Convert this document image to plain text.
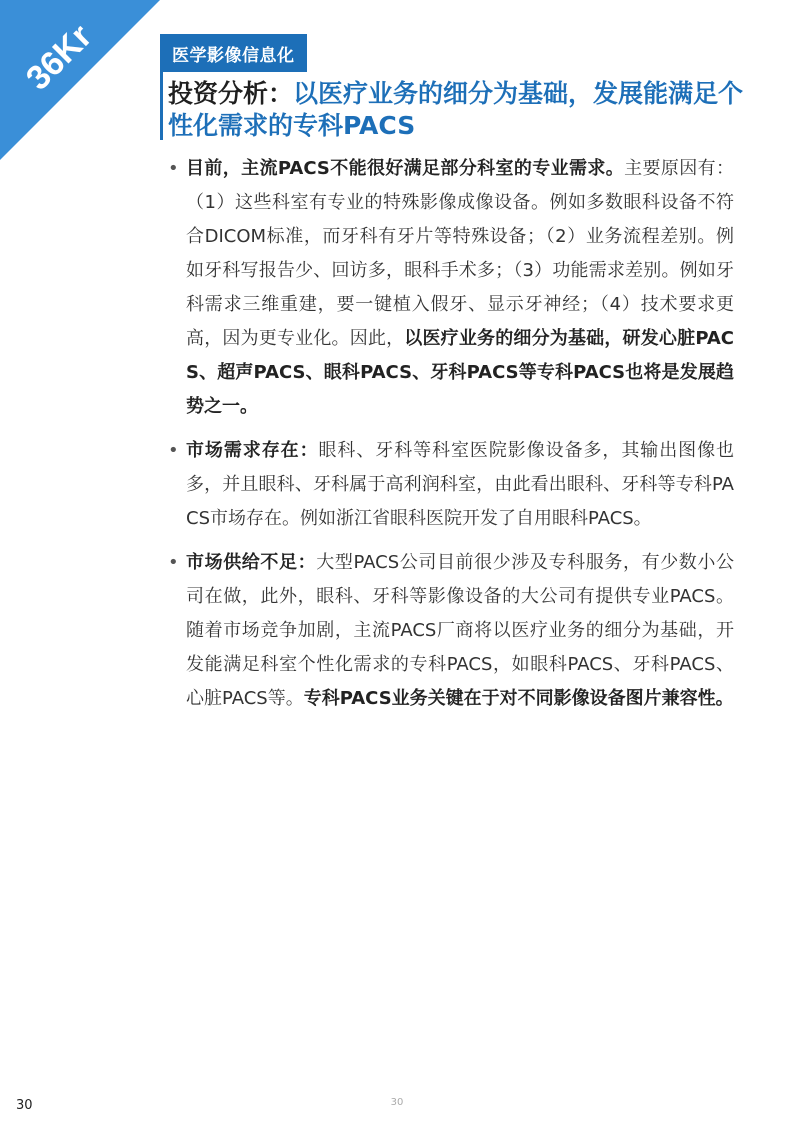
36Kr	医学影像信息化
投资分析：以医疗业务的细分为基础，发展能满足个性化需求的专科PACS
• 目前，主流PACS不能很好满足部分科室的专业需求。主要原因有：（1）这些科室有专业的特殊影像成像设备。例如多数眼科设备不符合DICOM标准，而牙科有牙片等特殊设备；（2）业务流程差别。例如牙科写报告少、回访多，眼科手术多；（3）功能需求差别。例如牙科需求三维重建，要一键植入假牙、显示牙神经；（4）技术要求更高，因为更专业化。因此，以医疗业务的细分为基础，研发心脏PACS、超声PACS、眼科PACS、牙科PACS等专科PACS也将是发展趋势之一。
• 市场需求存在：眼科、牙科等科室医院影像设备多，其输出图像也多，并且眼科、牙科属于高利润科室，由此看出眼科、牙科等专科PACS市场存在。例如浙江省眼科医院开发了自用眼科PACS。
• 市场供给不足：大型PACS公司目前很少涉及专科服务，有少数小公司在做，此外，眼科、牙科等影像设备的大公司有提供专业PACS。随着市场竞争加剧，主流PACS厂商将以医疗业务的细分为基础，开发能满足科室个性化需求的专科PACS，如眼科PACS、牙科PACS、心脏PACS等。专科PACS业务关键在于对不同影像设备图片兼容性。
30	30
